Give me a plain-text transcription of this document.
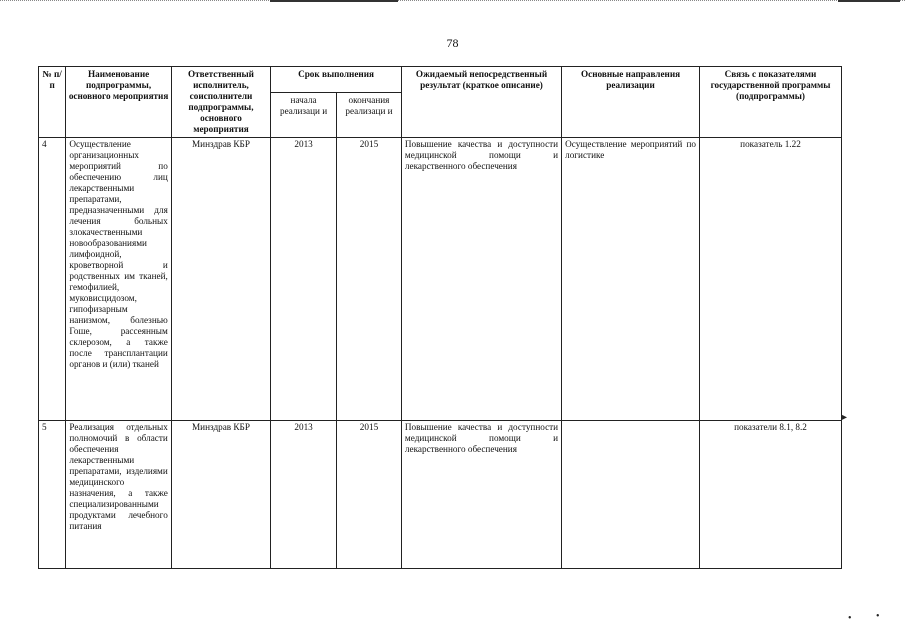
78
№ п/ п	Наименование подпрограммы, основного мероприятия	Ответственный исполнитель, соисполнители подпрограммы, основного мероприятия	Срок выполнения		Ожидаемый непосредственный результат (краткое описание)	Основные направления реализации	Связь с показателями государственной программы (подпрограммы)
			начала реализаци и	окончания реализаци и			
4	Осуществление организационных мероприятий по обеспечению лиц лекарственными препаратами, предназначенными для лечения больных злокачественными новообразованиями лимфоидной, кроветворной и родственных им тканей, гемофилией, муковисцидозом, гипофизарным нанизмом, болезнью Гоше, рассеянным склерозом, а также после трансплантации органов и (или) тканей	Минздрав КБР	2013	2015	Повышение качества и доступности медицинской помощи и лекарственного обеспечения	Осуществление мероприятий по логистике	показатель 1.22
5	Реализация отдельных полномочий в области обеспечения лекарственными препаратами, изделиями медицинского назначения, а также специализированными продуктами лечебного питания	Минздрав КБР	2013	2015	Повышение качества и доступности медицинской помощи и лекарственного обеспечения		показатели 8.1, 8.2
▸
• •
